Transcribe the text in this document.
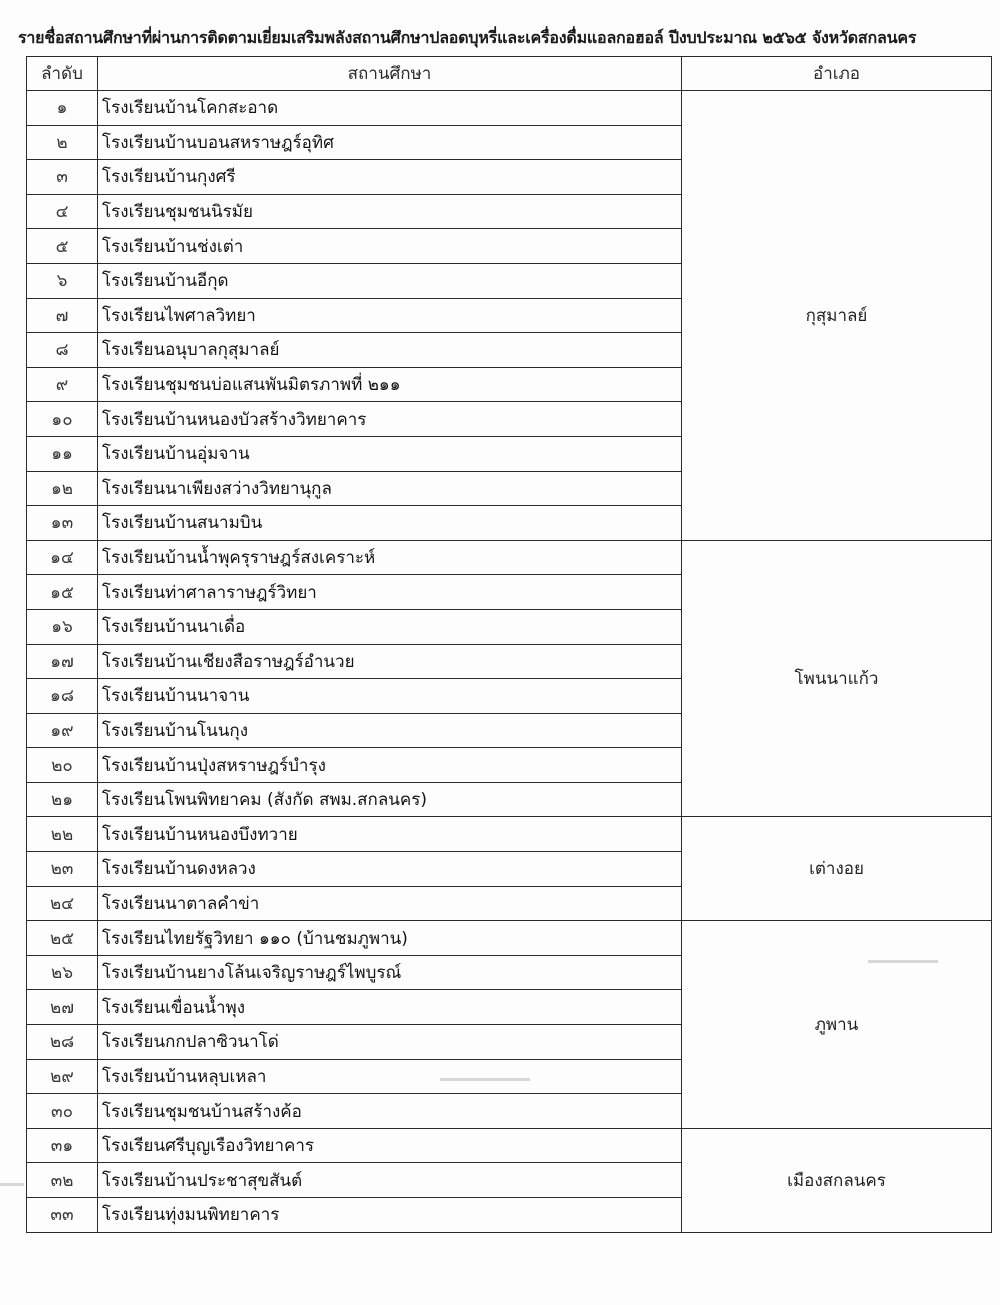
รายชื่อสถานศึกษาที่ผ่านการติดตามเยี่ยมเสริมพลังสถานศึกษาปลอดบุหรี่และเครื่องดื่มแอลกอฮอล์ ปีงบประมาณ ๒๕๖๕ จังหวัดสกลนคร
ลำดับ	สถานศึกษา	อำเภอ
๑	โรงเรียนบ้านโคกสะอาด	กุสุมาลย์
๒	โรงเรียนบ้านบอนสหราษฎร์อุทิศ	
๓	โรงเรียนบ้านกุงศรี	
๔	โรงเรียนชุมชนนิรมัย	
๕	โรงเรียนบ้านช่งเต่า	
๖	โรงเรียนบ้านอีกุด	
๗	โรงเรียนไพศาลวิทยา	
๘	โรงเรียนอนุบาลกุสุมาลย์	
๙	โรงเรียนชุมชนบ่อแสนพันมิตรภาพที่ ๒๑๑	
๑๐	โรงเรียนบ้านหนองบัวสร้างวิทยาคาร	
๑๑	โรงเรียนบ้านอุ่มจาน	
๑๒	โรงเรียนนาเพียงสว่างวิทยานุกูล	
๑๓	โรงเรียนบ้านสนามบิน	
๑๔	โรงเรียนบ้านน้ำพุครุราษฎร์สงเคราะห์	โพนนาแก้ว
๑๕	โรงเรียนท่าศาลาราษฎร์วิทยา	
๑๖	โรงเรียนบ้านนาเดื่อ	
๑๗	โรงเรียนบ้านเชียงสือราษฎร์อำนวย	
๑๘	โรงเรียนบ้านนาจาน	
๑๙	โรงเรียนบ้านโนนกุง	
๒๐	โรงเรียนบ้านปุ่งสหราษฎร์บำรุง	
๒๑	โรงเรียนโพนพิทยาคม (สังกัด สพม.สกลนคร)	
๒๒	โรงเรียนบ้านหนองบึงทวาย	เต่างอย
๒๓	โรงเรียนบ้านดงหลวง	
๒๔	โรงเรียนนาตาลคำข่า	
๒๕	โรงเรียนไทยรัฐวิทยา ๑๑๐ (บ้านชมภูพาน)	ภูพาน
๒๖	โรงเรียนบ้านยางโล้นเจริญราษฎร์ไพบูรณ์	
๒๗	โรงเรียนเขื่อนน้ำพุง	
๒๘	โรงเรียนกกปลาซิวนาโด่	
๒๙	โรงเรียนบ้านหลุบเหลา	
๓๐	โรงเรียนชุมชนบ้านสร้างค้อ	
๓๑	โรงเรียนศรีบุญเรืองวิทยาคาร	เมืองสกลนคร
๓๒	โรงเรียนบ้านประชาสุขสันต์	
๓๓	โรงเรียนทุ่งมนพิทยาคาร	
